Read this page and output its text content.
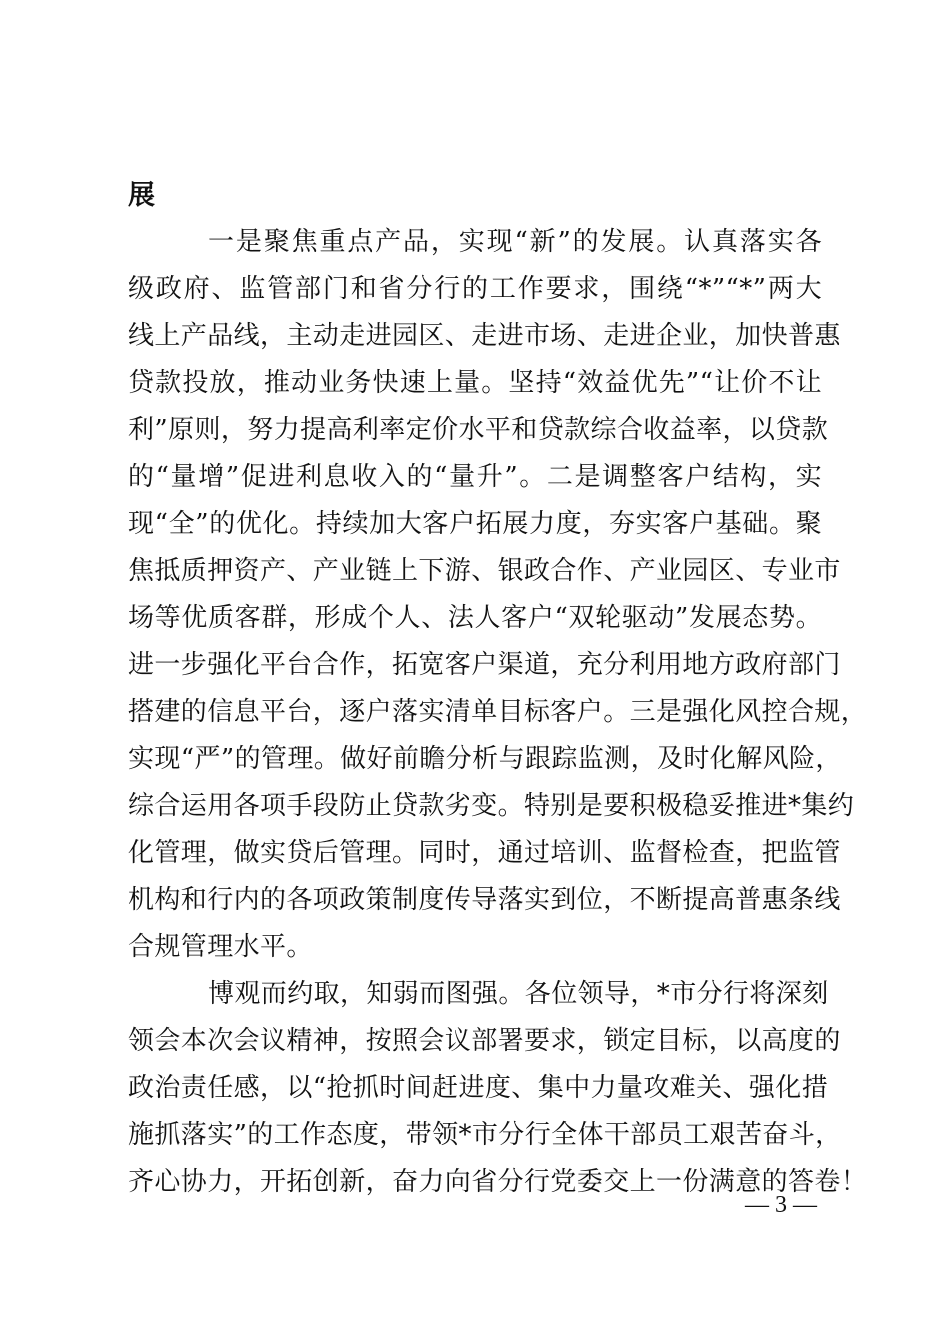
展
一是聚焦重点产品，实现“新”的发展。认真落实各
级政府、监管部门和省分行的工作要求，围绕“*”“*”两大
线上产品线，主动走进园区、走进市场、走进企业，加快普惠
贷款投放，推动业务快速上量。坚持“效益优先”“让价不让
利”原则，努力提高利率定价水平和贷款综合收益率，以贷款
的“量增”促进利息收入的“量升”。二是调整客户结构，实
现“全”的优化。持续加大客户拓展力度，夯实客户基础。聚
焦抵质押资产、产业链上下游、银政合作、产业园区、专业市
场等优质客群，形成个人、法人客户“双轮驱动”发展态势。
进一步强化平台合作，拓宽客户渠道，充分利用地方政府部门
搭建的信息平台，逐户落实清单目标客户。三是强化风控合规，
实现“严”的管理。做好前瞻分析与跟踪监测，及时化解风险，
综合运用各项手段防止贷款劣变。特别是要积极稳妥推进*集约
化管理，做实贷后管理。同时，通过培训、监督检查，把监管
机构和行内的各项政策制度传导落实到位，不断提高普惠条线
合规管理水平。
博观而约取，知弱而图强。各位领导，*市分行将深刻
领会本次会议精神，按照会议部署要求，锁定目标，以高度的
政治责任感，以“抢抓时间赶进度、集中力量攻难关、强化措
施抓落实”的工作态度，带领*市分行全体干部员工艰苦奋斗，
齐心协力，开拓创新，奋力向省分行党委交上一份满意的答卷！
— 3 —
